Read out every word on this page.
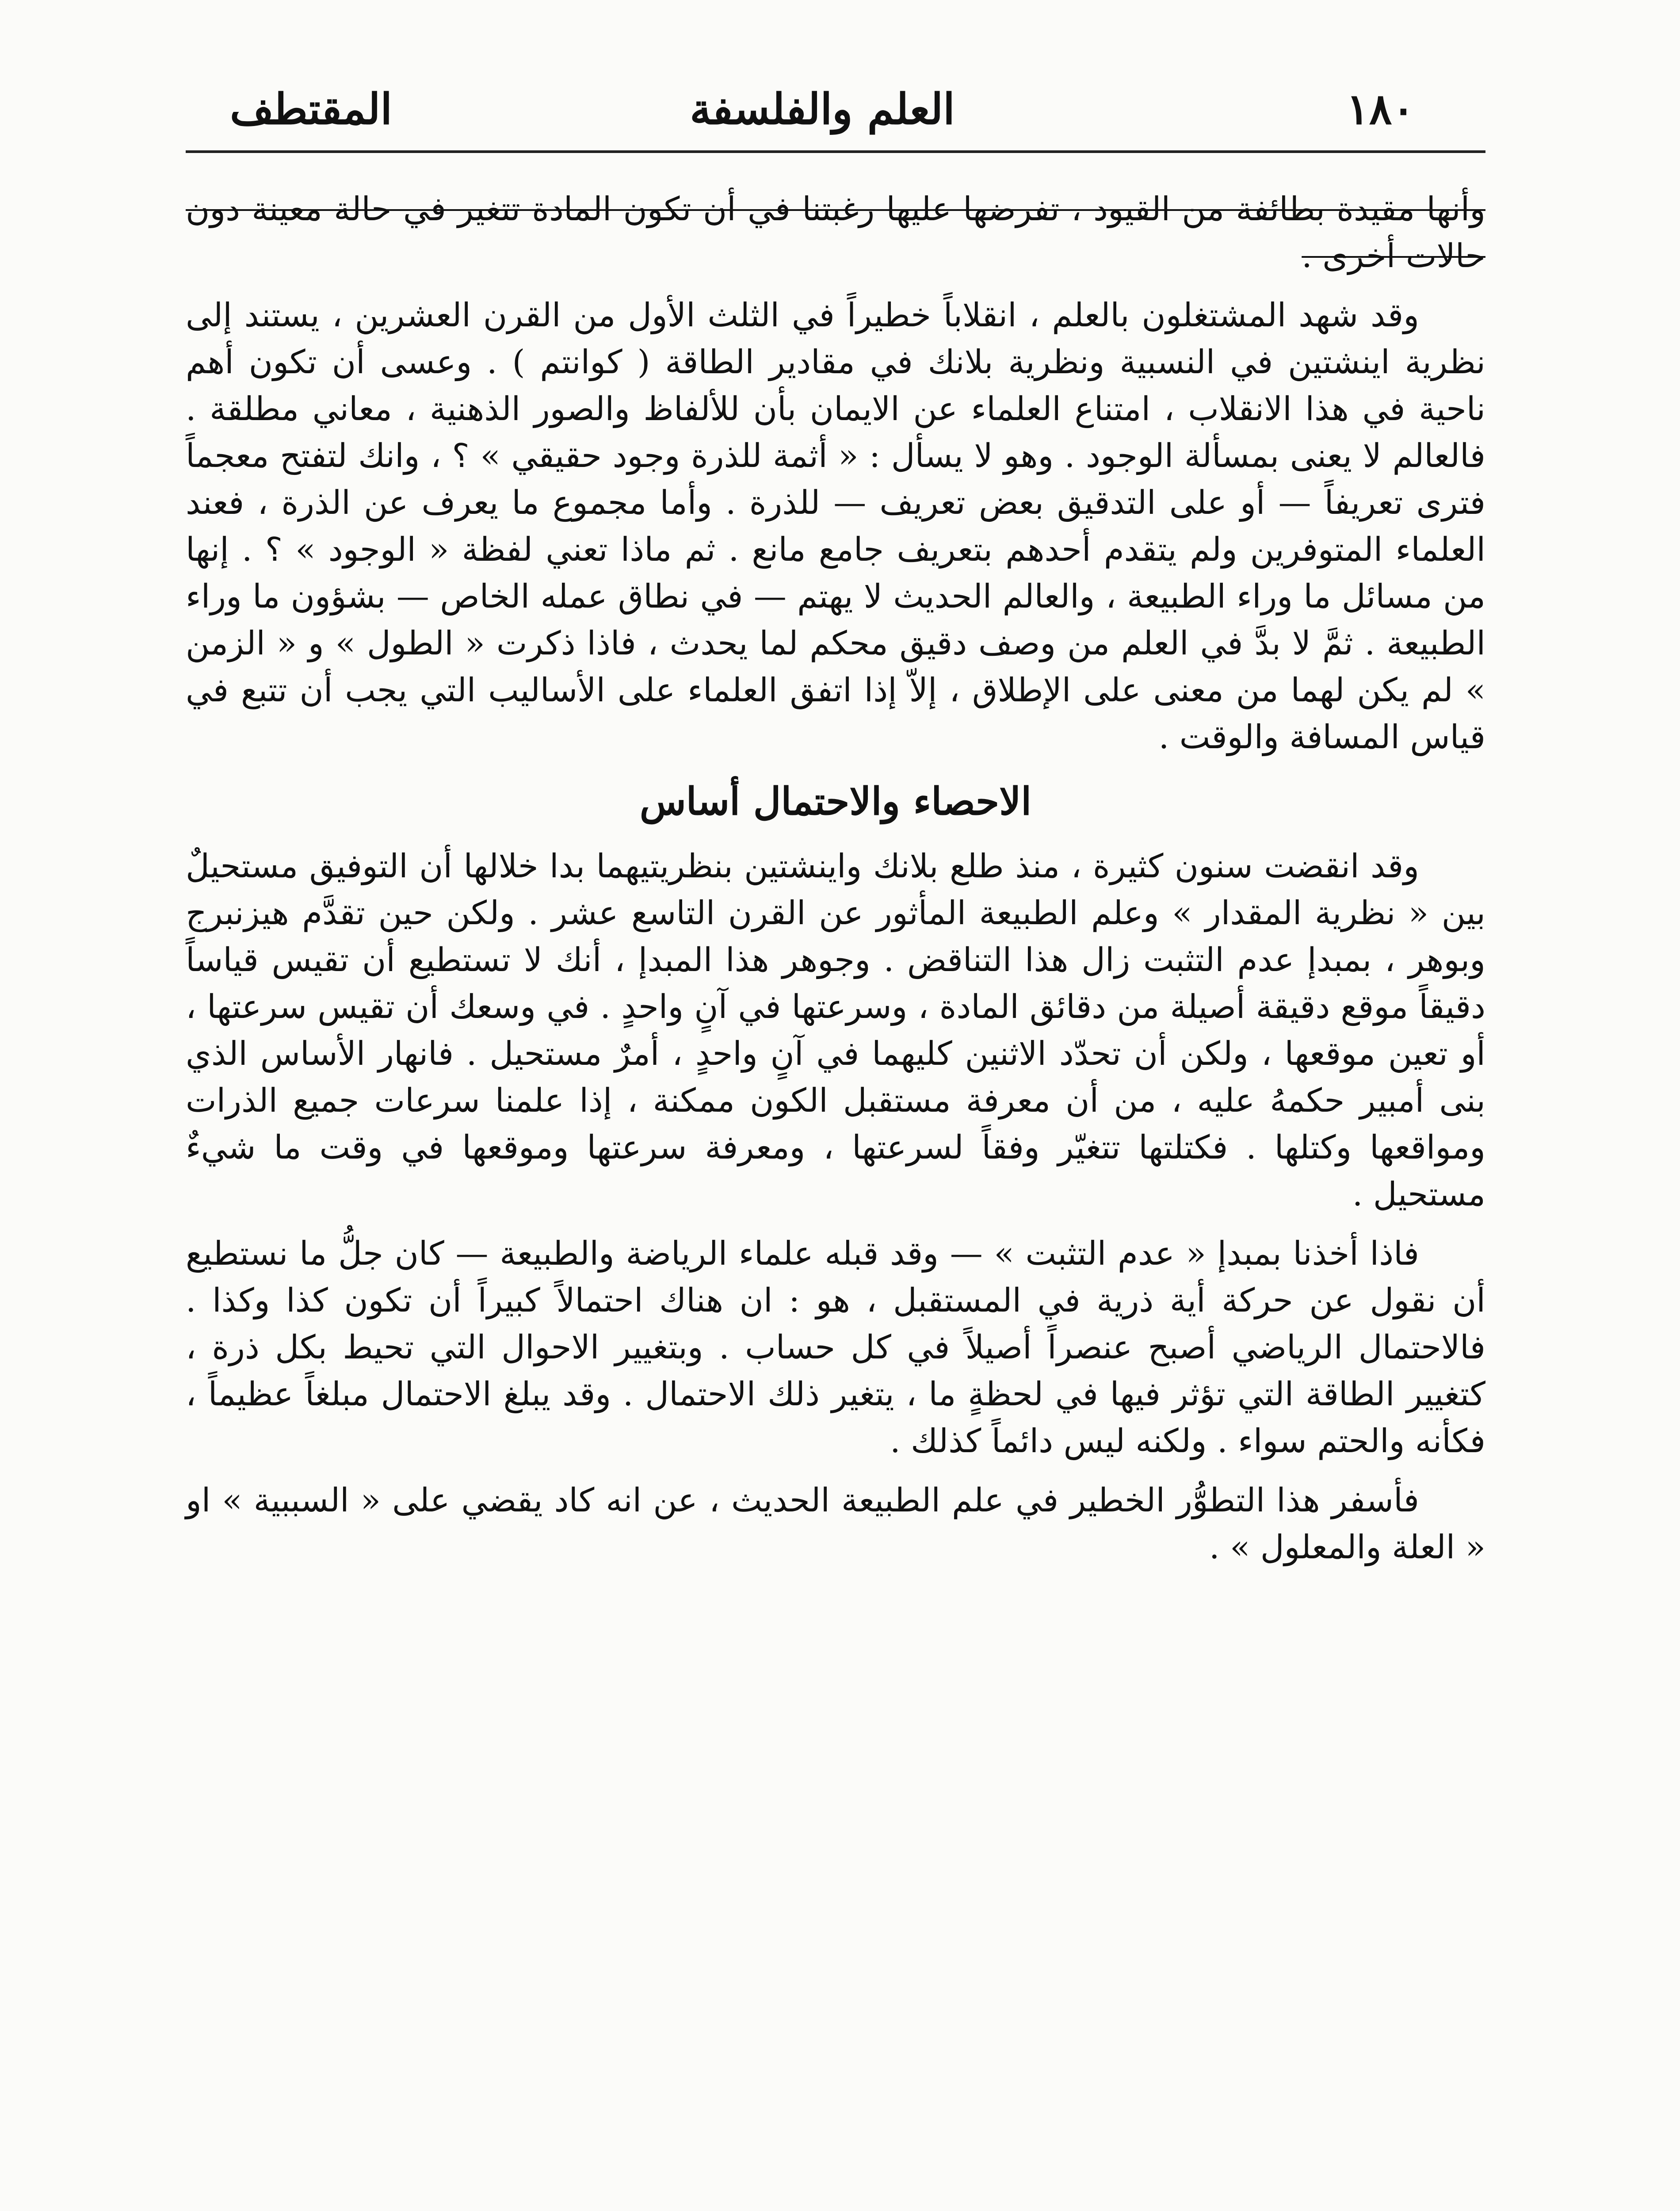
١٨٠
العلم والفلسفة
المقتطف

وأنها مقيدة بطائفة من القيود ، تفرضها عليها رغبتنا في أن تكون المادة تتغير في حالة معينة دون حالات أخرى .

وقد شهد المشتغلون بالعلم ، انقلاباً خطيراً في الثلث الأول من القرن العشرين ، يستند إلى نظرية اينشتين في النسبية ونظرية بلانك في مقادير الطاقة ( كوانتم ) . وعسى أن تكون أهم ناحية في هذا الانقلاب ، امتناع العلماء عن الايمان بأن للألفاظ والصور الذهنية ، معاني مطلقة . فالعالم لا يعنى بمسألة الوجود . وهو لا يسأل : « أثمة للذرة وجود حقيقي » ؟ ، وانك لتفتح معجماً فترى تعريفاً — أو على التدقيق بعض تعريف — للذرة . وأما مجموع ما يعرف عن الذرة ، فعند العلماء المتوفرين ولم يتقدم أحدهم بتعريف جامع مانع . ثم ماذا تعني لفظة « الوجود » ؟ . إنها من مسائل ما وراء الطبيعة ، والعالم الحديث لا يهتم — في نطاق عمله الخاص — بشؤون ما وراء الطبيعة . ثمَّ لا بدَّ في العلم من وصف دقيق محكم لما يحدث ، فاذا ذكرت « الطول » و « الزمن » لم يكن لهما من معنى على الإطلاق ، إلاّ إذا اتفق العلماء على الأساليب التي يجب أن تتبع في قياس المسافة والوقت .

الاحصاء والاحتمال أساس

وقد انقضت سنون كثيرة ، منذ طلع بلانك واينشتين بنظريتيهما بدا خلالها أن التوفيق مستحيلٌ بين « نظرية المقدار » وعلم الطبيعة المأثور عن القرن التاسع عشر . ولكن حين تقدَّم هيزنبرج وبوهر ، بمبدإ عدم التثبت زال هذا التناقض . وجوهر هذا المبدإ ، أنك لا تستطيع أن تقيس قياساً دقيقاً موقع دقيقة أصيلة من دقائق المادة ، وسرعتها في آنٍ واحدٍ . في وسعك أن تقيس سرعتها ، أو تعين موقعها ، ولكن أن تحدّد الاثنين كليهما في آنٍ واحدٍ ، أمرٌ مستحيل . فانهار الأساس الذي بنى أمبير حكمهُ عليه ، من أن معرفة مستقبل الكون ممكنة ، إذا علمنا سرعات جميع الذرات ومواقعها وكتلها . فكتلتها تتغيّر وفقاً لسرعتها ، ومعرفة سرعتها وموقعها في وقت ما شيءٌ مستحيل .

فاذا أخذنا بمبدإ « عدم التثبت » — وقد قبله علماء الرياضة والطبيعة — كان جلُّ ما نستطيع أن نقول عن حركة أية ذرية في المستقبل ، هو : ان هناك احتمالاً كبيراً أن تكون كذا وكذا . فالاحتمال الرياضي أصبح عنصراً أصيلاً في كل حساب . وبتغيير الاحوال التي تحيط بكل ذرة ، كتغيير الطاقة التي تؤثر فيها في لحظةٍ ما ، يتغير ذلك الاحتمال . وقد يبلغ الاحتمال مبلغاً عظيماً ، فكأنه والحتم سواء . ولكنه ليس دائماً كذلك .

فأسفر هذا التطوُّر الخطير في علم الطبيعة الحديث ، عن انه كاد يقضي على « السببية » او « العلة والمعلول » .
